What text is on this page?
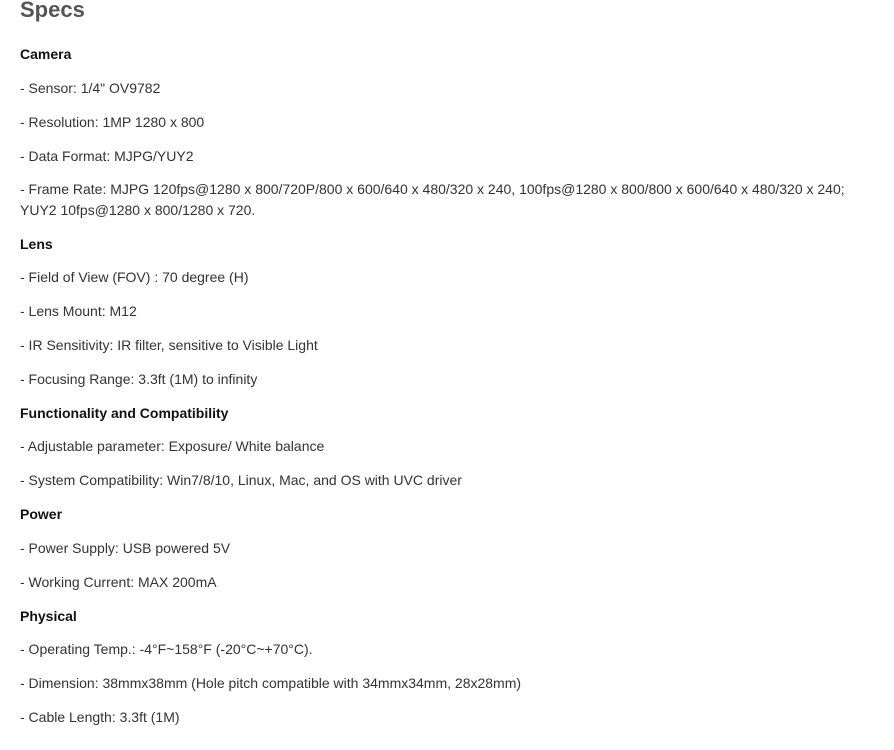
Specs
Camera

- Sensor: 1/4" OV9782

- Resolution: 1MP 1280 x 800

- Data Format: MJPG/YUY2

- Frame Rate: MJPG 120fps@1280 x 800/720P/800 x 600/640 x 480/320 x 240, 100fps@1280 x 800/800 x 600/640 x 480/320 x 240; YUY2 10fps@1280 x 800/1280 x 720.

Lens

- Field of View (FOV) : 70 degree (H)

- Lens Mount: M12

- IR Sensitivity: IR filter, sensitive to Visible Light

- Focusing Range: 3.3ft (1M) to infinity

Functionality and Compatibility

- Adjustable parameter: Exposure/ White balance

- System Compatibility: Win7/8/10, Linux, Mac, and OS with UVC driver

Power

- Power Supply: USB powered 5V

- Working Current: MAX 200mA

Physical

- Operating Temp.: -4°F~158°F (-20°C~+70°C).

- Dimension: 38mmx38mm (Hole pitch compatible with 34mmx34mm, 28x28mm)

- Cable Length: 3.3ft (1M)
